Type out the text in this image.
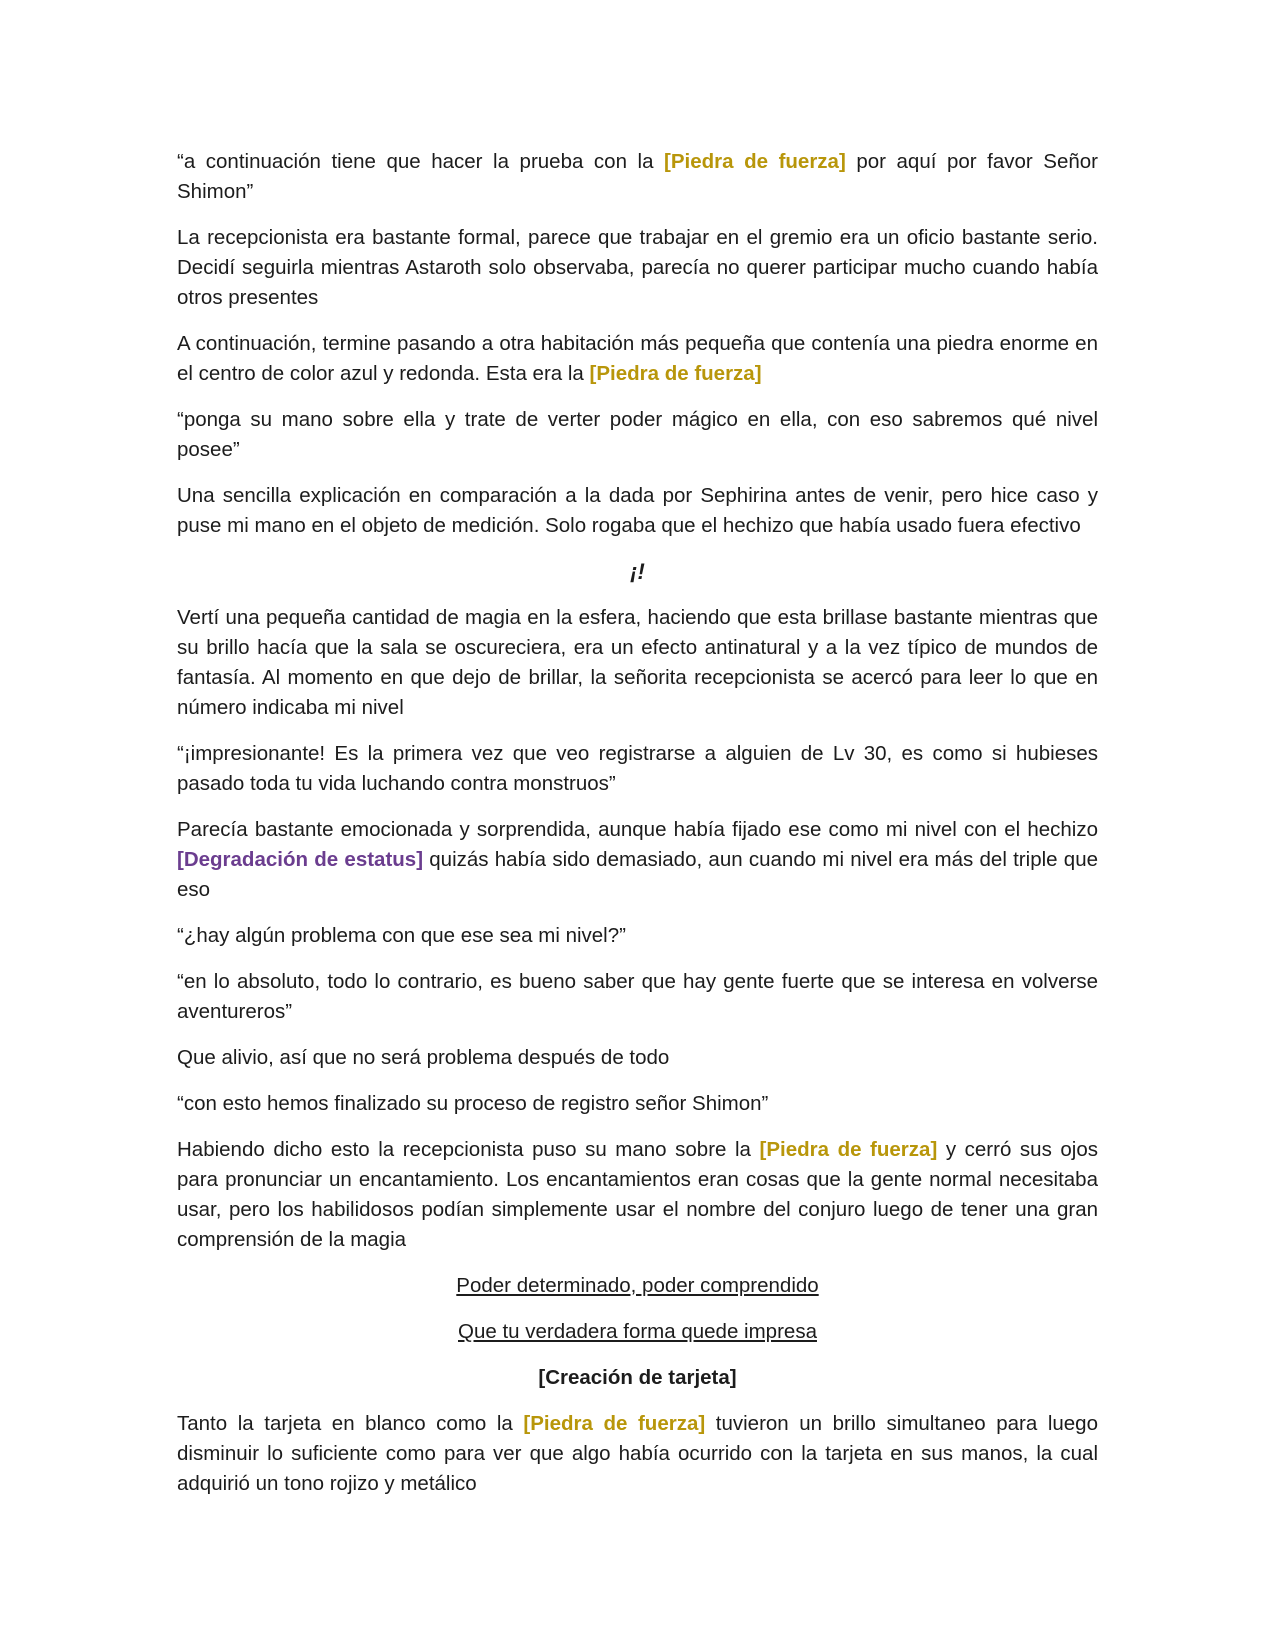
“a continuación tiene que hacer la prueba con la [Piedra de fuerza] por aquí por favor Señor Shimon”

La recepcionista era bastante formal, parece que trabajar en el gremio era un oficio bastante serio. Decidí seguirla mientras Astaroth solo observaba, parecía no querer participar mucho cuando había otros presentes

A continuación, termine pasando a otra habitación más pequeña que contenía una piedra enorme en el centro de color azul y redonda. Esta era la [Piedra de fuerza]

“ponga su mano sobre ella y trate de verter poder mágico en ella, con eso sabremos qué nivel posee”

Una sencilla explicación en comparación a la dada por Sephirina antes de venir, pero hice caso y puse mi mano en el objeto de medición. Solo rogaba que el hechizo que había usado fuera efectivo

¡!

Vertí una pequeña cantidad de magia en la esfera, haciendo que esta brillase bastante mientras que su brillo hacía que la sala se oscureciera, era un efecto antinatural y a la vez típico de mundos de fantasía. Al momento en que dejo de brillar, la señorita recepcionista se acercó para leer lo que en número indicaba mi nivel

“¡impresionante! Es la primera vez que veo registrarse a alguien de Lv 30, es como si hubieses pasado toda tu vida luchando contra monstruos”

Parecía bastante emocionada y sorprendida, aunque había fijado ese como mi nivel con el hechizo [Degradación de estatus] quizás había sido demasiado, aun cuando mi nivel era más del triple que eso

“¿hay algún problema con que ese sea mi nivel?”

“en lo absoluto, todo lo contrario, es bueno saber que hay gente fuerte que se interesa en volverse aventureros”

Que alivio, así que no será problema después de todo

“con esto hemos finalizado su proceso de registro señor Shimon”

Habiendo dicho esto la recepcionista puso su mano sobre la [Piedra de fuerza] y cerró sus ojos para pronunciar un encantamiento. Los encantamientos eran cosas que la gente normal necesitaba usar, pero los habilidosos podían simplemente usar el nombre del conjuro luego de tener una gran comprensión de la magia

Poder determinado, poder comprendido

Que tu verdadera forma quede impresa

[Creación de tarjeta]

Tanto la tarjeta en blanco como la [Piedra de fuerza] tuvieron un brillo simultaneo para luego disminuir lo suficiente como para ver que algo había ocurrido con la tarjeta en sus manos, la cual adquirió un tono rojizo y metálico
